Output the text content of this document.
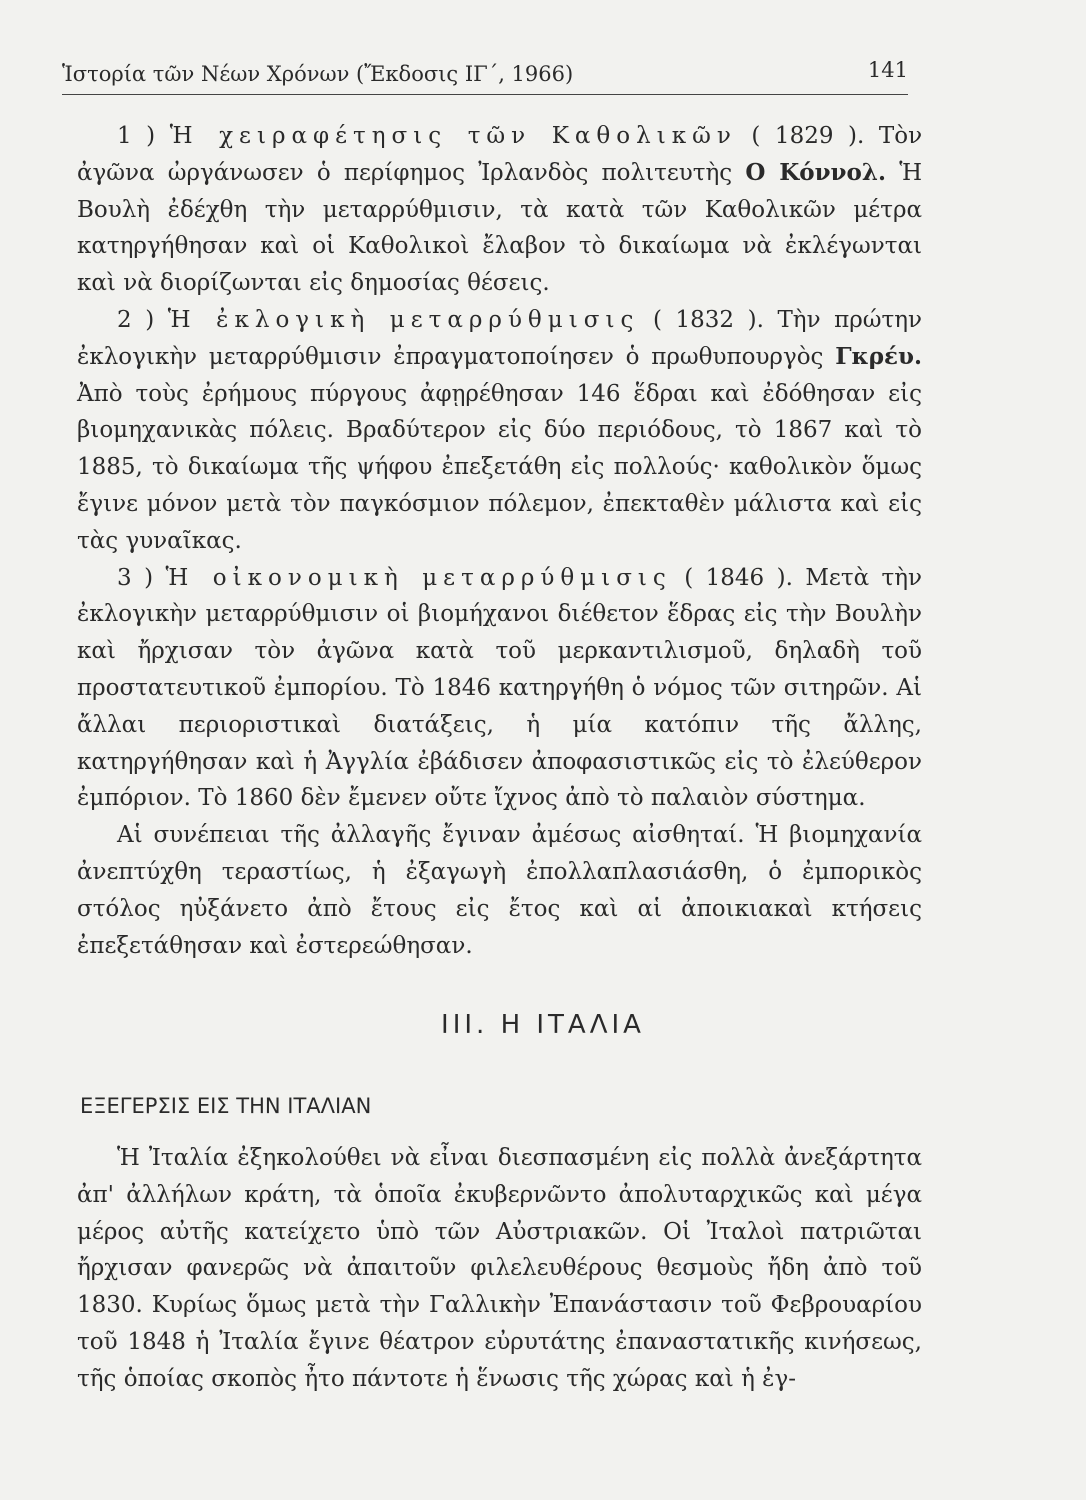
Ἱστορία τῶν Νέων Χρόνων (Ἔκδοσις ΙΓ΄, 1966)	141

1 ) Ἡ χειραφέτησις τῶν Καθολικῶν ( 1829 ). Τὸν ἀγῶνα ὠργάνωσεν ὁ περίφημος Ἰρλανδὸς πολιτευτὴς Ο Κόννολ. Ἡ Βουλὴ ἐδέχθη τὴν μεταρρύθμισιν, τὰ κατὰ τῶν Καθολικῶν μέτρα κατηργήθησαν καὶ οἱ Καθολικοὶ ἔλαβον τὸ δικαίωμα νὰ ἐκλέγωνται καὶ νὰ διορίζωνται εἰς δημοσίας θέσεις.

2 ) Ἡ ἐκλογικὴ μεταρρύθμισις ( 1832 ). Τὴν πρώτην ἐκλογικὴν μεταρρύθμισιν ἐπραγματοποίησεν ὁ πρωθυπουργὸς Γκρέυ. Ἀπὸ τοὺς ἐρήμους πύργους ἀφῃρέθησαν 146 ἕδραι καὶ ἐδόθησαν εἰς βιομηχανικὰς πόλεις. Βραδύτερον εἰς δύο περιόδους, τὸ 1867 καὶ τὸ 1885, τὸ δικαίωμα τῆς ψήφου ἐπεξετάθη εἰς πολλούς· καθολικὸν ὅμως ἔγινε μόνον μετὰ τὸν παγκόσμιον πόλεμον, ἐπεκταθὲν μάλιστα καὶ εἰς τὰς γυναῖκας.

3 ) Ἡ οἰκονομικὴ μεταρρύθμισις ( 1846 ). Μετὰ τὴν ἐκλογικὴν μεταρρύθμισιν οἱ βιομήχανοι διέθετον ἕδρας εἰς τὴν Βουλὴν καὶ ἤρχισαν τὸν ἀγῶνα κατὰ τοῦ μερκαντιλισμοῦ, δηλαδὴ τοῦ προστατευτικοῦ ἐμπορίου. Τὸ 1846 κατηργήθη ὁ νόμος τῶν σιτηρῶν. Αἱ ἄλλαι περιοριστικαὶ διατάξεις, ἡ μία κατόπιν τῆς ἄλλης, κατηργήθησαν καὶ ἡ Ἀγγλία ἐβάδισεν ἀποφασιστικῶς εἰς τὸ ἐλεύθερον ἐμπόριον. Τὸ 1860 δὲν ἔμενεν οὔτε ἴχνος ἀπὸ τὸ παλαιὸν σύστημα.

Αἱ συνέπειαι τῆς ἀλλαγῆς ἔγιναν ἀμέσως αἰσθηταί. Ἡ βιομηχανία ἀνεπτύχθη τεραστίως, ἡ ἐξαγωγὴ ἐπολλαπλασιάσθη, ὁ ἐμπορικὸς στόλος ηὐξάνετο ἀπὸ ἔτους εἰς ἔτος καὶ αἱ ἀποικιακαὶ κτήσεις ἐπεξετάθησαν καὶ ἐστερεώθησαν.

ΙΙΙ. Η ΙΤΑΛΙΑ
ΕΞΕΓΕΡΣΙΣ ΕΙΣ ΤΗΝ ΙΤΑΛΙΑΝ

Ἡ Ἰταλία ἐξηκολούθει νὰ εἶναι διεσπασμένη εἰς πολλὰ ἀνεξάρτητα ἀπ' ἀλλήλων κράτη, τὰ ὁποῖα ἐκυβερνῶντο ἀπολυταρχικῶς καὶ μέγα μέρος αὐτῆς κατείχετο ὑπὸ τῶν Αὐστριακῶν. Οἱ Ἰταλοὶ πατριῶται ἤρχισαν φανερῶς νὰ ἀπαιτοῦν φιλελευθέρους θεσμοὺς ἤδη ἀπὸ τοῦ 1830. Κυρίως ὅμως μετὰ τὴν Γαλλικὴν Ἐπανάστασιν τοῦ Φεβρουαρίου τοῦ 1848 ἡ Ἰταλία ἔγινε θέατρον εὐρυτάτης ἐπαναστατικῆς κινήσεως, τῆς ὁποίας σκοπὸς ἦτο πάντοτε ἡ ἕνωσις τῆς χώρας καὶ ἡ ἐγ-
